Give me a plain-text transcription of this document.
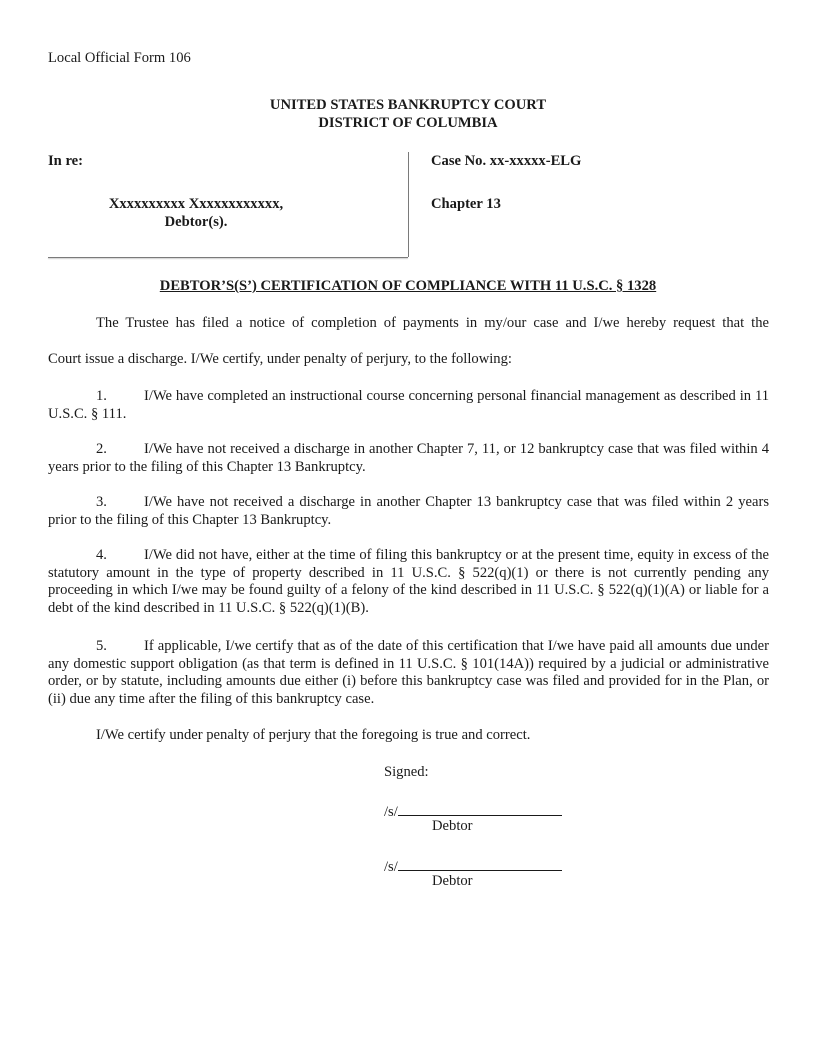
Local Official Form 106
UNITED STATES BANKRUPTCY COURT
DISTRICT OF COLUMBIA
In re:
Xxxxxxxxxx Xxxxxxxxxxxx,
Debtor(s).
Case No. xx-xxxxx-ELG
Chapter 13
DEBTOR’S(S’) CERTIFICATION OF COMPLIANCE WITH 11 U.S.C. § 1328
The Trustee has filed a notice of completion of payments in my/our case and I/we hereby request that the
Court issue a discharge. I/We certify, under penalty of perjury, to the following:
1.	I/We have completed an instructional course concerning personal financial management as described in 11 U.S.C. § 111.
2.	I/We have not received a discharge in another Chapter 7, 11, or 12 bankruptcy case that was filed within 4 years prior to the filing of this Chapter 13 Bankruptcy.
3.	I/We have not received a discharge in another Chapter 13 bankruptcy case that was filed within 2 years prior to the filing of this Chapter 13 Bankruptcy.
4.	I/We did not have, either at the time of filing this bankruptcy or at the present time, equity in excess of the statutory amount in the type of property described in 11 U.S.C. § 522(q)(1) or there is not currently pending any proceeding in which I/we may be found guilty of a felony of the kind described in 11 U.S.C. § 522(q)(1)(A) or liable for a debt of the kind described in 11 U.S.C. § 522(q)(1)(B).
5.	If applicable, I/we certify that as of the date of this certification that I/we have paid all amounts due under any domestic support obligation (as that term is defined in 11 U.S.C. § 101(14A)) required by a judicial or administrative order, or by statute, including amounts due either (i) before this bankruptcy case was filed and provided for in the Plan, or (ii) due any time after the filing of this bankruptcy case.
I/We certify under penalty of perjury that the foregoing is true and correct.
Signed:
/s/
Debtor
/s/
Debtor
